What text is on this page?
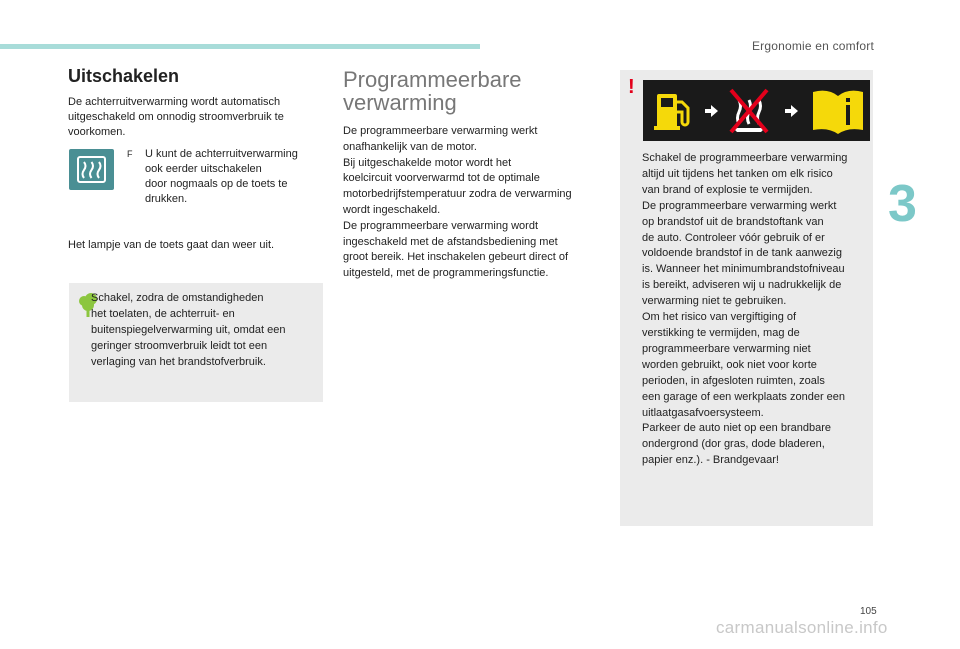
Ergonomie en comfort
3
105
carmanualsonline.info
Uitschakelen

De achterruitverwarming wordt automatisch
uitgeschakeld om onnodig stroomverbruik te
voorkomen.

F U kunt de achterruitverwarming
ook eerder uitschakelen
door nogmaals op de toets te
drukken.

Het lampje van de toets gaat dan weer uit.

Schakel, zodra de omstandigheden
het toelaten, de achterruit- en
buitenspiegelverwarming uit, omdat een
geringer stroomverbruik leidt tot een
verlaging van het brandstofverbruik.

Programmeerbare
verwarming

De programmeerbare verwarming werkt
onafhankelijk van de motor.
Bij uitgeschakelde motor wordt het
koelcircuit voorverwarmd tot de optimale
motorbedrijfstemperatuur zodra de verwarming
wordt ingeschakeld.
De programmeerbare verwarming wordt
ingeschakeld met de afstandsbediening met
groot bereik. Het inschakelen gebeurt direct of
uitgesteld, met de programmeringsfunctie.

!

Schakel de programmeerbare verwarming
altijd uit tijdens het tanken om elk risico
van brand of explosie te vermijden.
De programmeerbare verwarming werkt
op brandstof uit de brandstoftank van
de auto. Controleer vóór gebruik of er
voldoende brandstof in de tank aanwezig
is. Wanneer het minimumbrandstofniveau
is bereikt, adviseren wij u nadrukkelijk de
verwarming niet te gebruiken.
Om het risico van vergiftiging of
verstikking te vermijden, mag de
programmeerbare verwarming niet
worden gebruikt, ook niet voor korte
perioden, in afgesloten ruimten, zoals
een garage of een werkplaats zonder een
uitlaatgasafvoersysteem.
Parkeer de auto niet op een brandbare
ondergrond (dor gras, dode bladeren,
papier enz.). - Brandgevaar!
